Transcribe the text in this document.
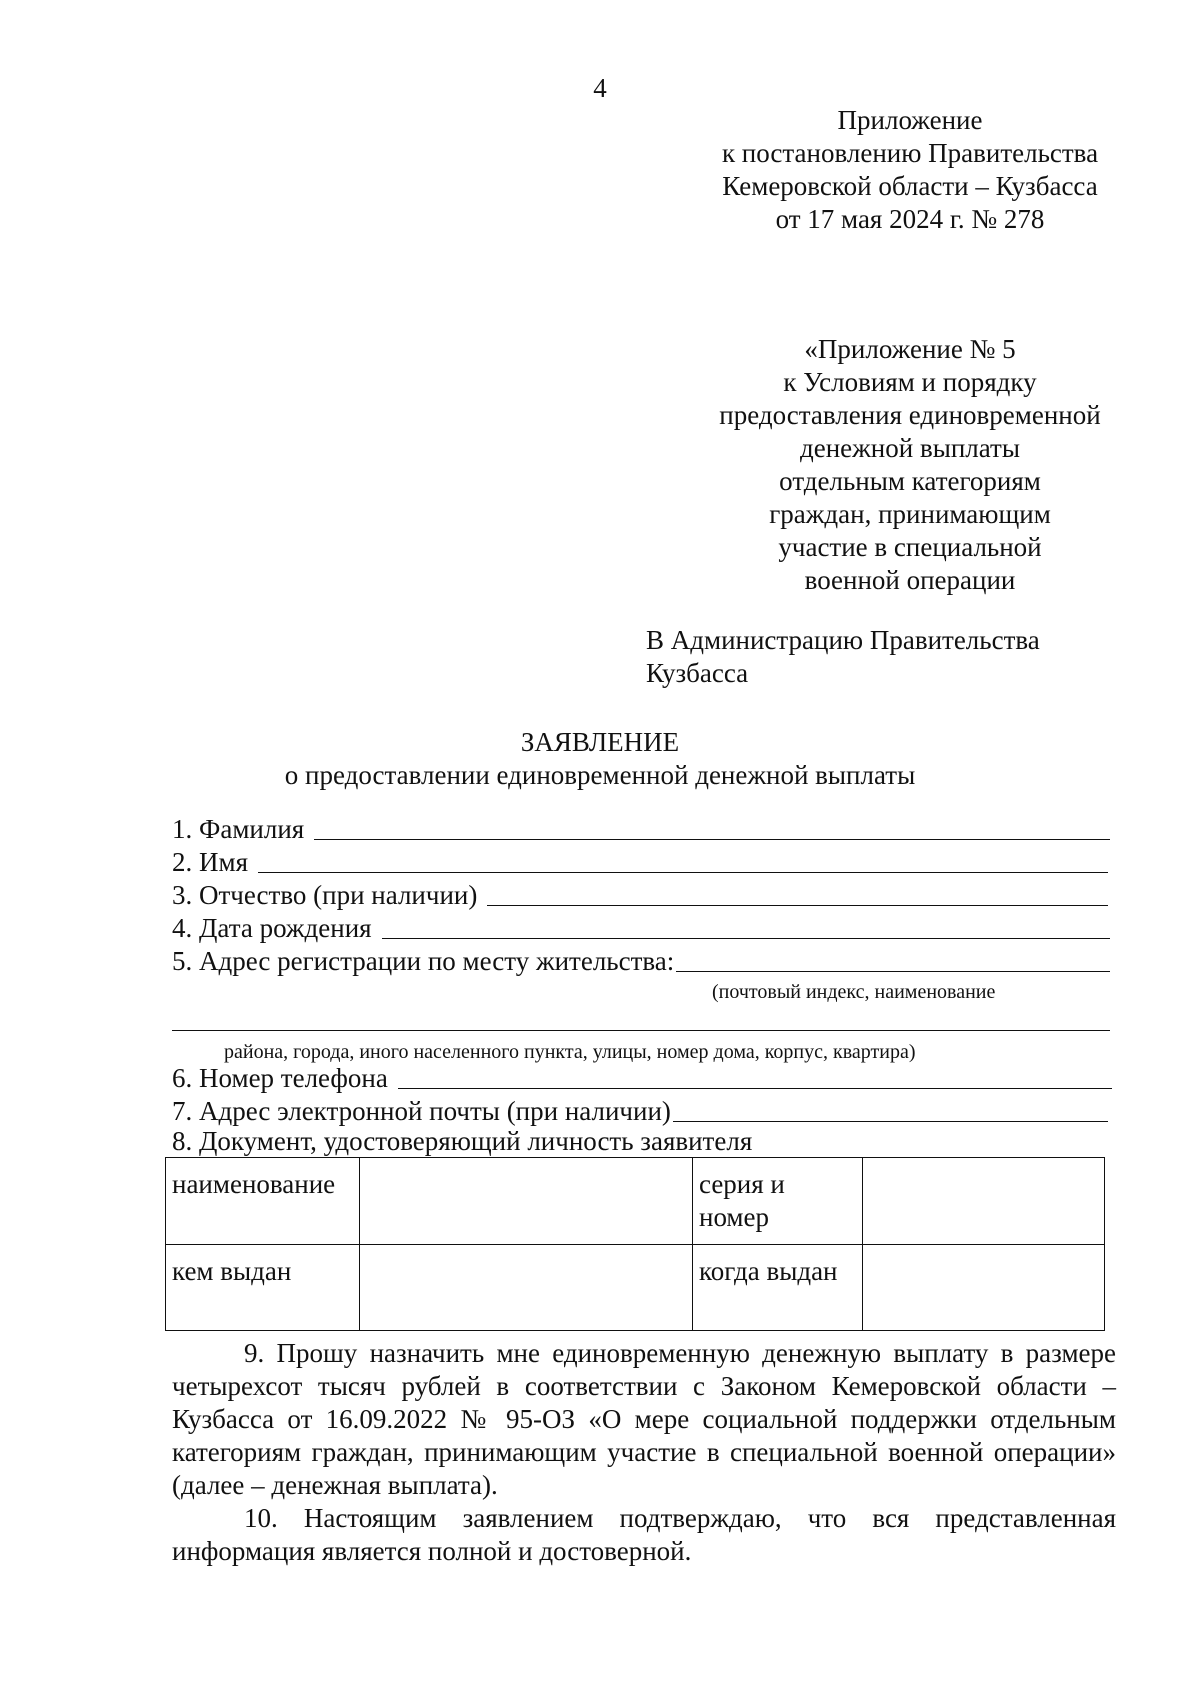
4
Приложение
к постановлению Правительства
Кемеровской области – Кузбасса
от 17 мая 2024 г. № 278
«Приложение № 5
к Условиям и порядку
предоставления единовременной
денежной выплаты
отдельным категориям
граждан, принимающим
участие в специальной
военной операции
В Администрацию Правительства
Кузбасса
ЗАЯВЛЕНИЕ
о предоставлении единовременной денежной выплаты
1. Фамилия
2. Имя
3. Отчество (при наличии)
4. Дата рождения
5. Адрес регистрации по месту жительства:
(почтовый индекс, наименование
района, города, иного населенного пункта, улицы, номер дома, корпус, квартира)
6. Номер телефона
7. Адрес электронной почты (при наличии)
8. Документ, удостоверяющий личность заявителя
наименование		серия и номер	
кем выдан		когда выдан	
9. Прошу назначить мне единовременную денежную выплату в размере четырехсот тысяч рублей в соответствии с Законом Кемеровской области – Кузбасса от 16.09.2022 № 95-ОЗ «О мере социальной поддержки отдельным категориям граждан, принимающим участие в специальной военной операции» (далее – денежная выплата).
10. Настоящим заявлением подтверждаю, что вся представленная информация является полной и достоверной.
